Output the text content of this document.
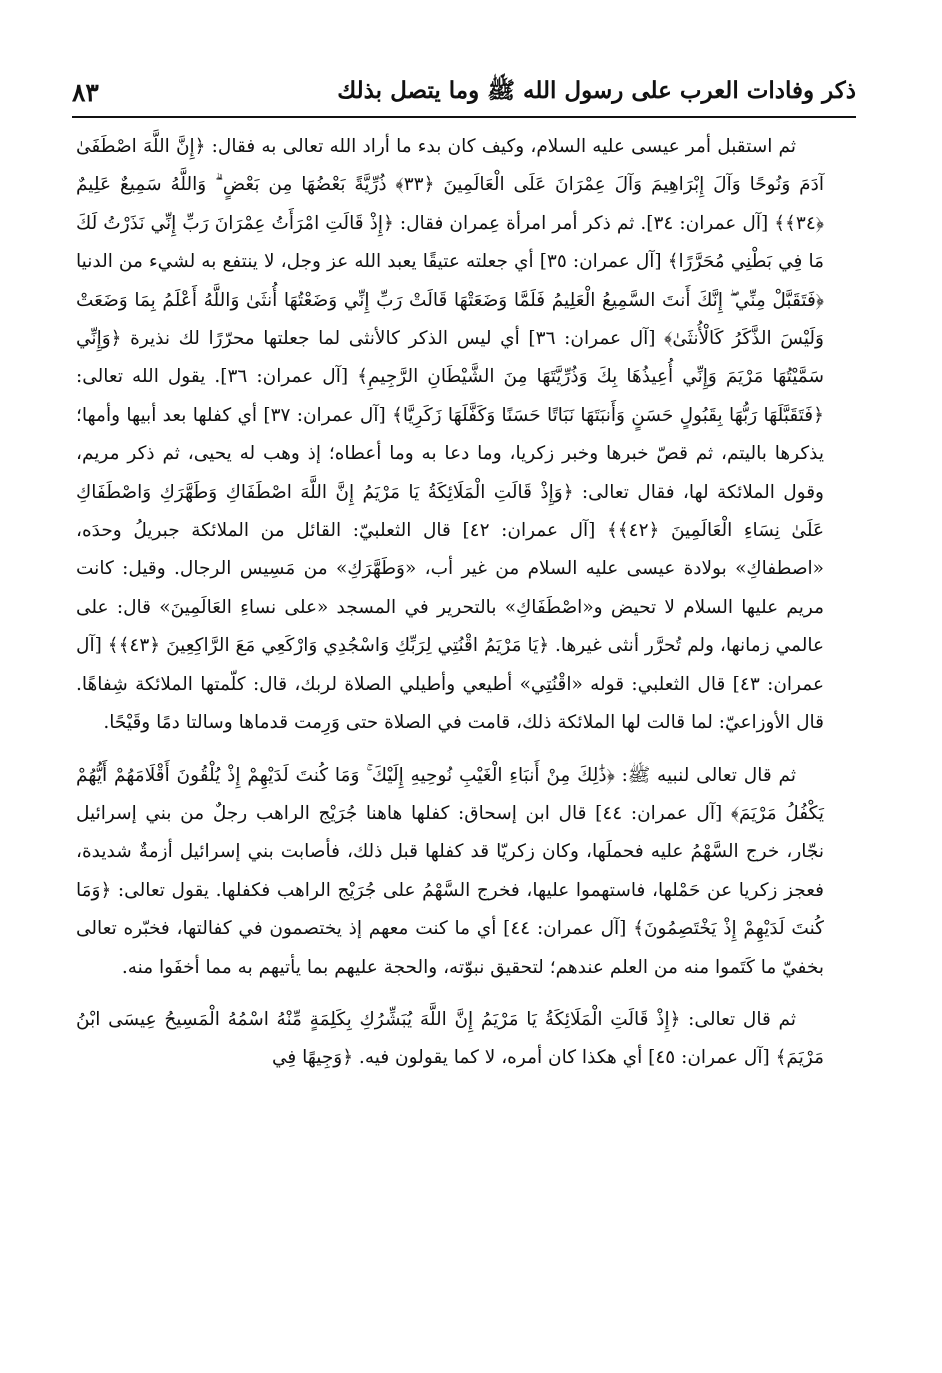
ذكر وفادات العرب على رسول الله ﷺ وما يتصل بذلك
٨٣

ثم استقبل أمر عيسى عليه السلام، وكيف كان بدء ما أراد الله تعالى به فقال: ﴿إِنَّ اللَّهَ اصْطَفَىٰ آدَمَ وَنُوحًا وَآلَ إِبْرَاهِيمَ وَآلَ عِمْرَانَ عَلَى الْعَالَمِينَ ﴿٣٣﴾ ذُرِّيَّةً بَعْضُهَا مِن بَعْضٍ ۗ وَاللَّهُ سَمِيعٌ عَلِيمٌ ﴿٣٤﴾﴾ [آل عمران: ٣٤]. ثم ذكر أمر امرأة عِمران فقال: ﴿إِذْ قَالَتِ امْرَأَتُ عِمْرَانَ رَبِّ إِنِّي نَذَرْتُ لَكَ مَا فِي بَطْنِي مُحَرَّرًا﴾ [آل عمران: ٣٥] أي جعلته عتيقًا يعبد الله عز وجل، لا ينتفع به لشيء من الدنيا ﴿فَتَقَبَّلْ مِنِّي ۖ إِنَّكَ أَنتَ السَّمِيعُ الْعَلِيمُ فَلَمَّا وَضَعَتْهَا قَالَتْ رَبِّ إِنِّي وَضَعْتُهَا أُنثَىٰ وَاللَّهُ أَعْلَمُ بِمَا وَضَعَتْ وَلَيْسَ الذَّكَرُ كَالْأُنثَىٰ﴾ [آل عمران: ٣٦] أي ليس الذكر كالأنثى لما جعلتها محرّرًا لك نذيرة ﴿وَإِنِّي سَمَّيْتُهَا مَرْيَمَ وَإِنِّي أُعِيذُهَا بِكَ وَذُرِّيَّتَهَا مِنَ الشَّيْطَانِ الرَّجِيمِ﴾ [آل عمران: ٣٦]. يقول الله تعالى: ﴿فَتَقَبَّلَهَا رَبُّهَا بِقَبُولٍ حَسَنٍ وَأَنبَتَهَا نَبَاتًا حَسَنًا وَكَفَّلَهَا زَكَرِيَّا﴾ [آل عمران: ٣٧] أي كفلها بعد أبيها وأمها؛ يذكرها باليتم، ثم قصّ خبرها وخبر زكريا، وما دعا به وما أعطاه؛ إذ وهب له يحيى، ثم ذكر مريم، وقول الملائكة لها، فقال تعالى: ﴿وَإِذْ قَالَتِ الْمَلَائِكَةُ يَا مَرْيَمُ إِنَّ اللَّهَ اصْطَفَاكِ وَطَهَّرَكِ وَاصْطَفَاكِ عَلَىٰ نِسَاءِ الْعَالَمِينَ ﴿٤٢﴾﴾ [آل عمران: ٤٢] قال الثعلبيّ: القائل من الملائكة جبريلُ وحدَه، «اصطفاكِ» بولادة عيسى عليه السلام من غير أب، «وَطَهَّرَكِ» من مَسِيس الرجال. وقيل: كانت مريم عليها السلام لا تحيض و«اصْطَفَاكِ» بالتحرير في المسجد «على نساءِ العَالَمِينَ» قال: على عالمي زمانها، ولم تُحرَّر أنثى غيرها. ﴿يَا مَرْيَمُ اقْنُتِي لِرَبِّكِ وَاسْجُدِي وَارْكَعِي مَعَ الرَّاكِعِينَ ﴿٤٣﴾﴾ [آل عمران: ٤٣] قال الثعلبي: قوله «اقْنُتِي» أطيعي وأطيلي الصلاة لربك، قال: كلّمتها الملائكة شِفاهًا. قال الأوزاعيّ: لما قالت لها الملائكة ذلك، قامت في الصلاة حتى وَرِمت قدماها وسالتا دمًا وقَيْحًا.

ثم قال تعالى لنبيه ﷺ: ﴿ذَٰلِكَ مِنْ أَنبَاءِ الْغَيْبِ نُوحِيهِ إِلَيْكَ ۚ وَمَا كُنتَ لَدَيْهِمْ إِذْ يُلْقُونَ أَقْلَامَهُمْ أَيُّهُمْ يَكْفُلُ مَرْيَمَ﴾ [آل عمران: ٤٤] قال ابن إسحاق: كفلها هاهنا جُرَيْج الراهب رجلٌ من بني إسرائيل نجّار، خرج السَّهْمُ عليه فحملَها، وكان زكريّا قد كفلها قبل ذلك، فأصابت بني إسرائيل أزمةٌ شديدة، فعجز زكريا عن حَمْلها، فاستهموا عليها، فخرج السَّهْمُ على جُرَيْج الراهب فكفلها. يقول تعالى: ﴿وَمَا كُنتَ لَدَيْهِمْ إِذْ يَخْتَصِمُونَ﴾ [آل عمران: ٤٤] أي ما كنت معهم إذ يختصمون في كفالتها، فخبّره تعالى بخفيّ ما كَتَموا منه من العلم عندهم؛ لتحقيق نبوّته، والحجة عليهم بما يأتيهم به مما أخفَوا منه.

ثم قال تعالى: ﴿إِذْ قَالَتِ الْمَلَائِكَةُ يَا مَرْيَمُ إِنَّ اللَّهَ يُبَشِّرُكِ بِكَلِمَةٍ مِّنْهُ اسْمُهُ الْمَسِيحُ عِيسَى ابْنُ مَرْيَمَ﴾ [آل عمران: ٤٥] أي هكذا كان أمره، لا كما يقولون فيه. ﴿وَجِيهًا فِي
